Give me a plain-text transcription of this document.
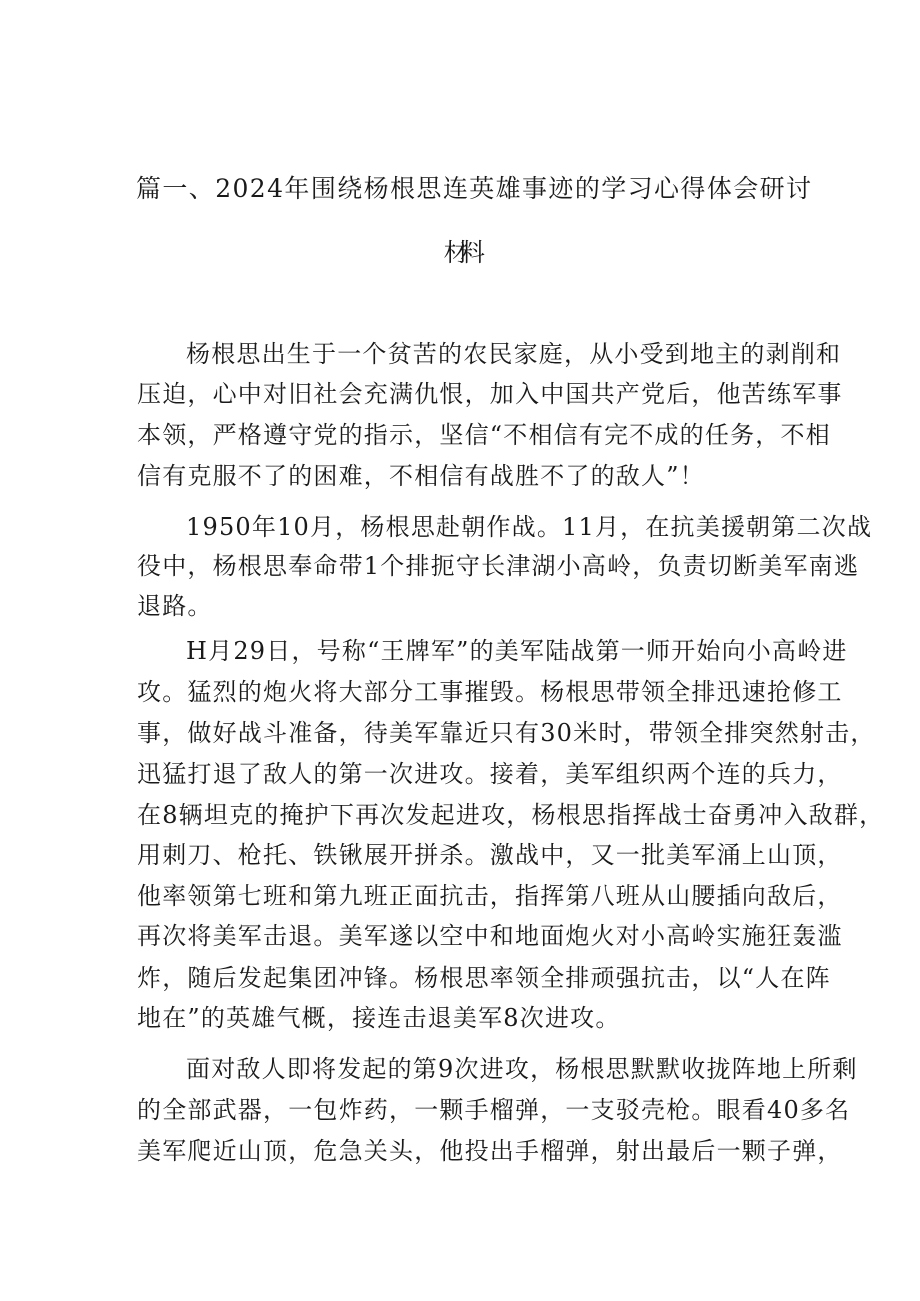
篇一、2024年围绕杨根思连英雄事迹的学习心得体会研讨
材料
杨根思出生于一个贫苦的农民家庭，从小受到地主的剥削和
压迫，心中对旧社会充满仇恨，加入中国共产党后，他苦练军事
本领，严格遵守党的指示，坚信“不相信有完不成的任务，不相
信有克服不了的困难，不相信有战胜不了的敌人”！
1950年10月，杨根思赴朝作战。11月，在抗美援朝第二次战
役中，杨根思奉命带1个排扼守长津湖小高岭，负责切断美军南逃
退路。
H月29日，号称“王牌军”的美军陆战第一师开始向小高岭进
攻。猛烈的炮火将大部分工事摧毁。杨根思带领全排迅速抢修工
事，做好战斗准备，待美军靠近只有30米时，带领全排突然射击，
迅猛打退了敌人的第一次进攻。接着，美军组织两个连的兵力，
在8辆坦克的掩护下再次发起进攻，杨根思指挥战士奋勇冲入敌群，
用刺刀、枪托、铁锹展开拼杀。激战中，又一批美军涌上山顶，
他率领第七班和第九班正面抗击，指挥第八班从山腰插向敌后，
再次将美军击退。美军遂以空中和地面炮火对小高岭实施狂轰滥
炸，随后发起集团冲锋。杨根思率领全排顽强抗击，以“人在阵
地在”的英雄气概，接连击退美军8次进攻。
面对敌人即将发起的第9次进攻，杨根思默默收拢阵地上所剩
的全部武器，一包炸药，一颗手榴弹，一支驳壳枪。眼看40多名
美军爬近山顶，危急关头，他投出手榴弹，射出最后一颗子弹，
